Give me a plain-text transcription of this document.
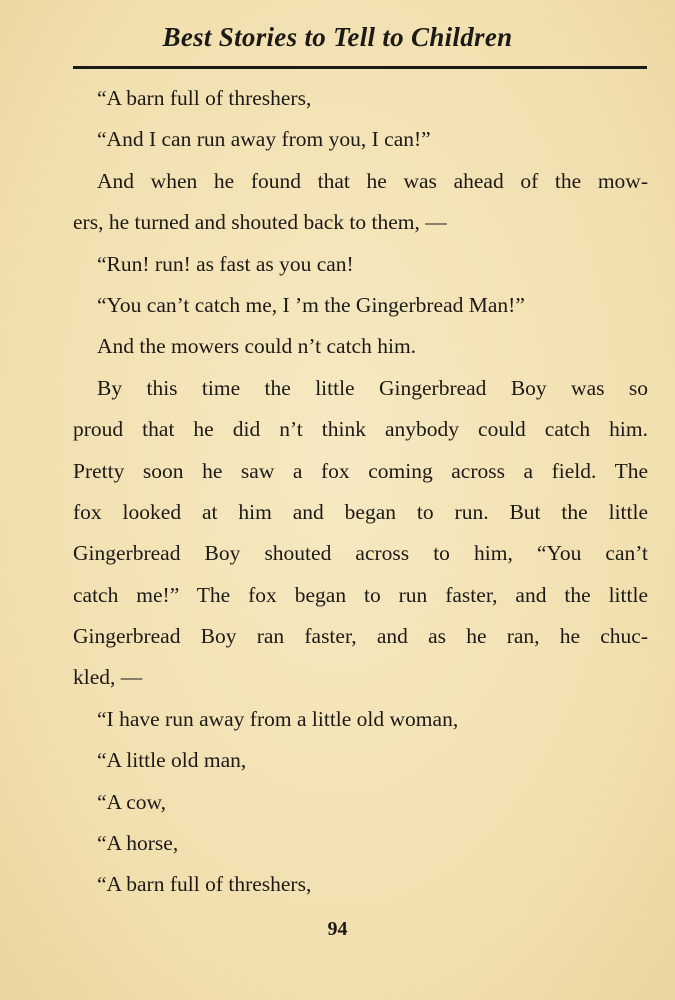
Best Stories to Tell to Children
“A barn full of threshers,
“And I can run away from you, I can!”
And when he found that he was ahead of the mow-
ers, he turned and shouted back to them, —
“Run! run! as fast as you can!
“You can’t catch me, I ’m the Gingerbread Man!”
And the mowers could n’t catch him.
By this time the little Gingerbread Boy was so
proud that he did n’t think anybody could catch him.
Pretty soon he saw a fox coming across a field. The
fox looked at him and began to run. But the little
Gingerbread Boy shouted across to him, “You can’t
catch me!” The fox began to run faster, and the little
Gingerbread Boy ran faster, and as he ran, he chuc-
kled, —
“I have run away from a little old woman,
“A little old man,
“A cow,
“A horse,
“A barn full of threshers,
94
